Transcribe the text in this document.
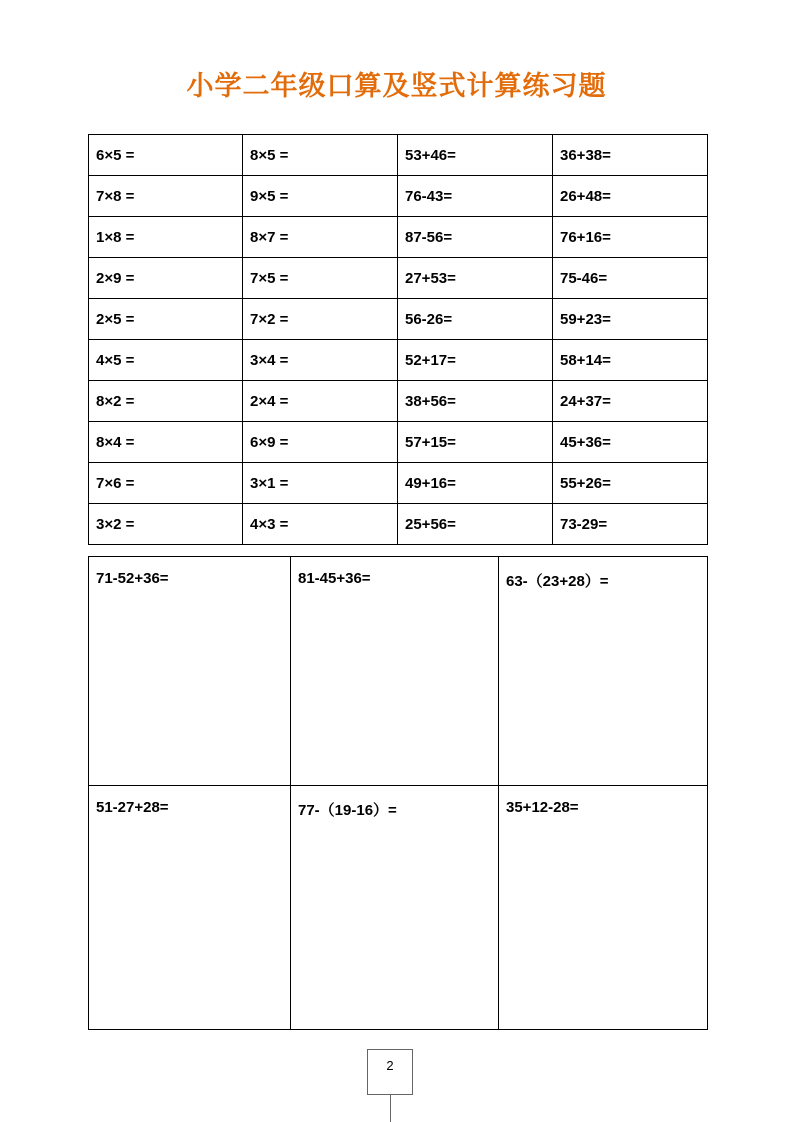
小学二年级口算及竖式计算练习题
6×5 =	8×5 =	53+46=	36+38=
7×8 =	9×5 =	76-43=	26+48=
1×8 =	8×7 =	87-56=	76+16=
2×9 =	7×5 =	27+53=	75-46=
2×5 =	7×2 =	56-26=	59+23=
4×5 =	3×4 =	52+17=	58+14=
8×2 =	2×4 =	38+56=	24+37=
8×4 =	6×9 =	57+15=	45+36=
7×6 =	3×1 =	49+16=	55+26=
3×2 =	4×3 =	25+56=	73-29=
71-52+36=	81-45+36=	63-（23+28）=
51-27+28=	77-（19-16）=	35+12-28=
2
